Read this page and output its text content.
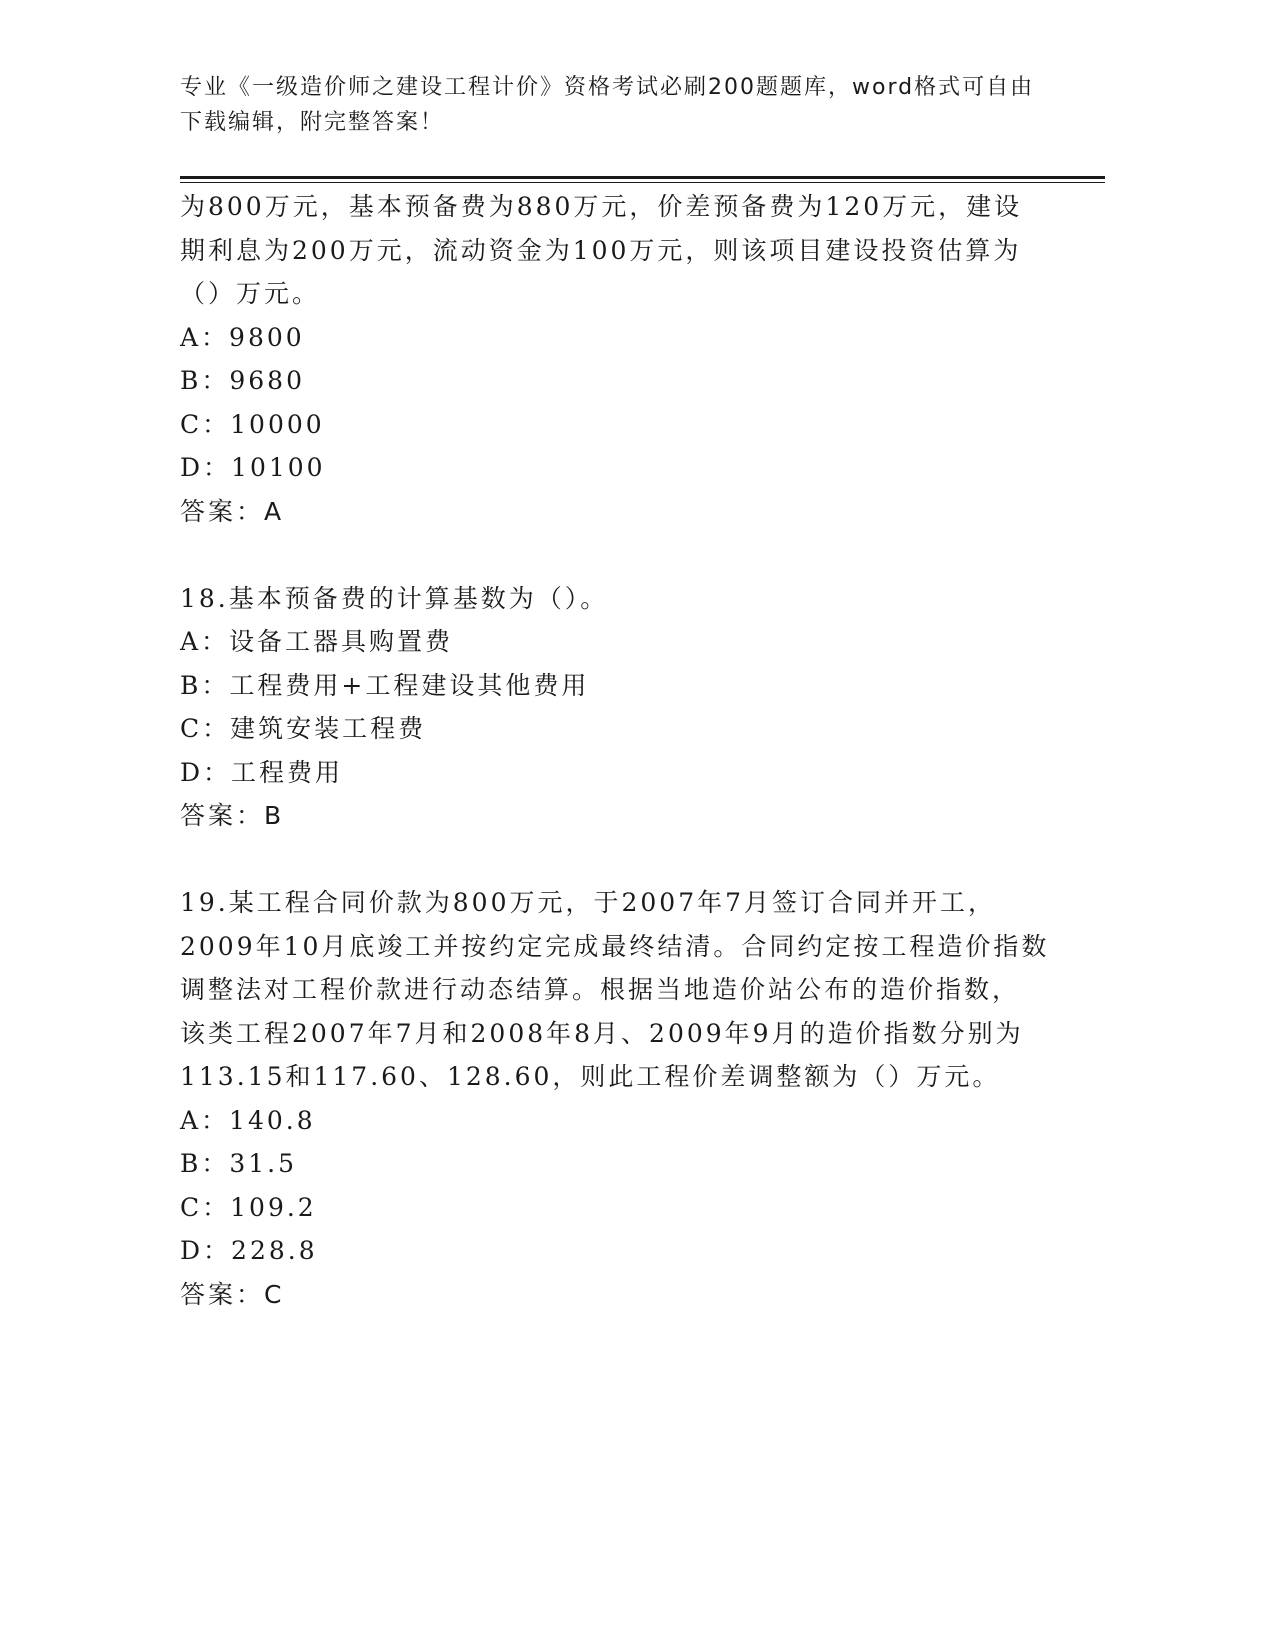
专业《一级造价师之建设工程计价》资格考试必刷200题题库，word格式可自由
下载编辑，附完整答案！
为800万元，基本预备费为880万元，价差预备费为120万元，建设
期利息为200万元，流动资金为100万元，则该项目建设投资估算为
（）万元。
A：9800
B：9680
C：10000
D：10100
答案：A
18.基本预备费的计算基数为（）。
A：设备工器具购置费
B：工程费用+工程建设其他费用
C：建筑安装工程费
D：工程费用
答案：B
19.某工程合同价款为800万元，于2007年7月签订合同并开工，
2009年10月底竣工并按约定完成最终结清。合同约定按工程造价指数
调整法对工程价款进行动态结算。根据当地造价站公布的造价指数，
该类工程2007年7月和2008年8月、2009年9月的造价指数分别为
113.15和117.60、128.60，则此工程价差调整额为（）万元。
A：140.8
B：31.5
C：109.2
D：228.8
答案：C
